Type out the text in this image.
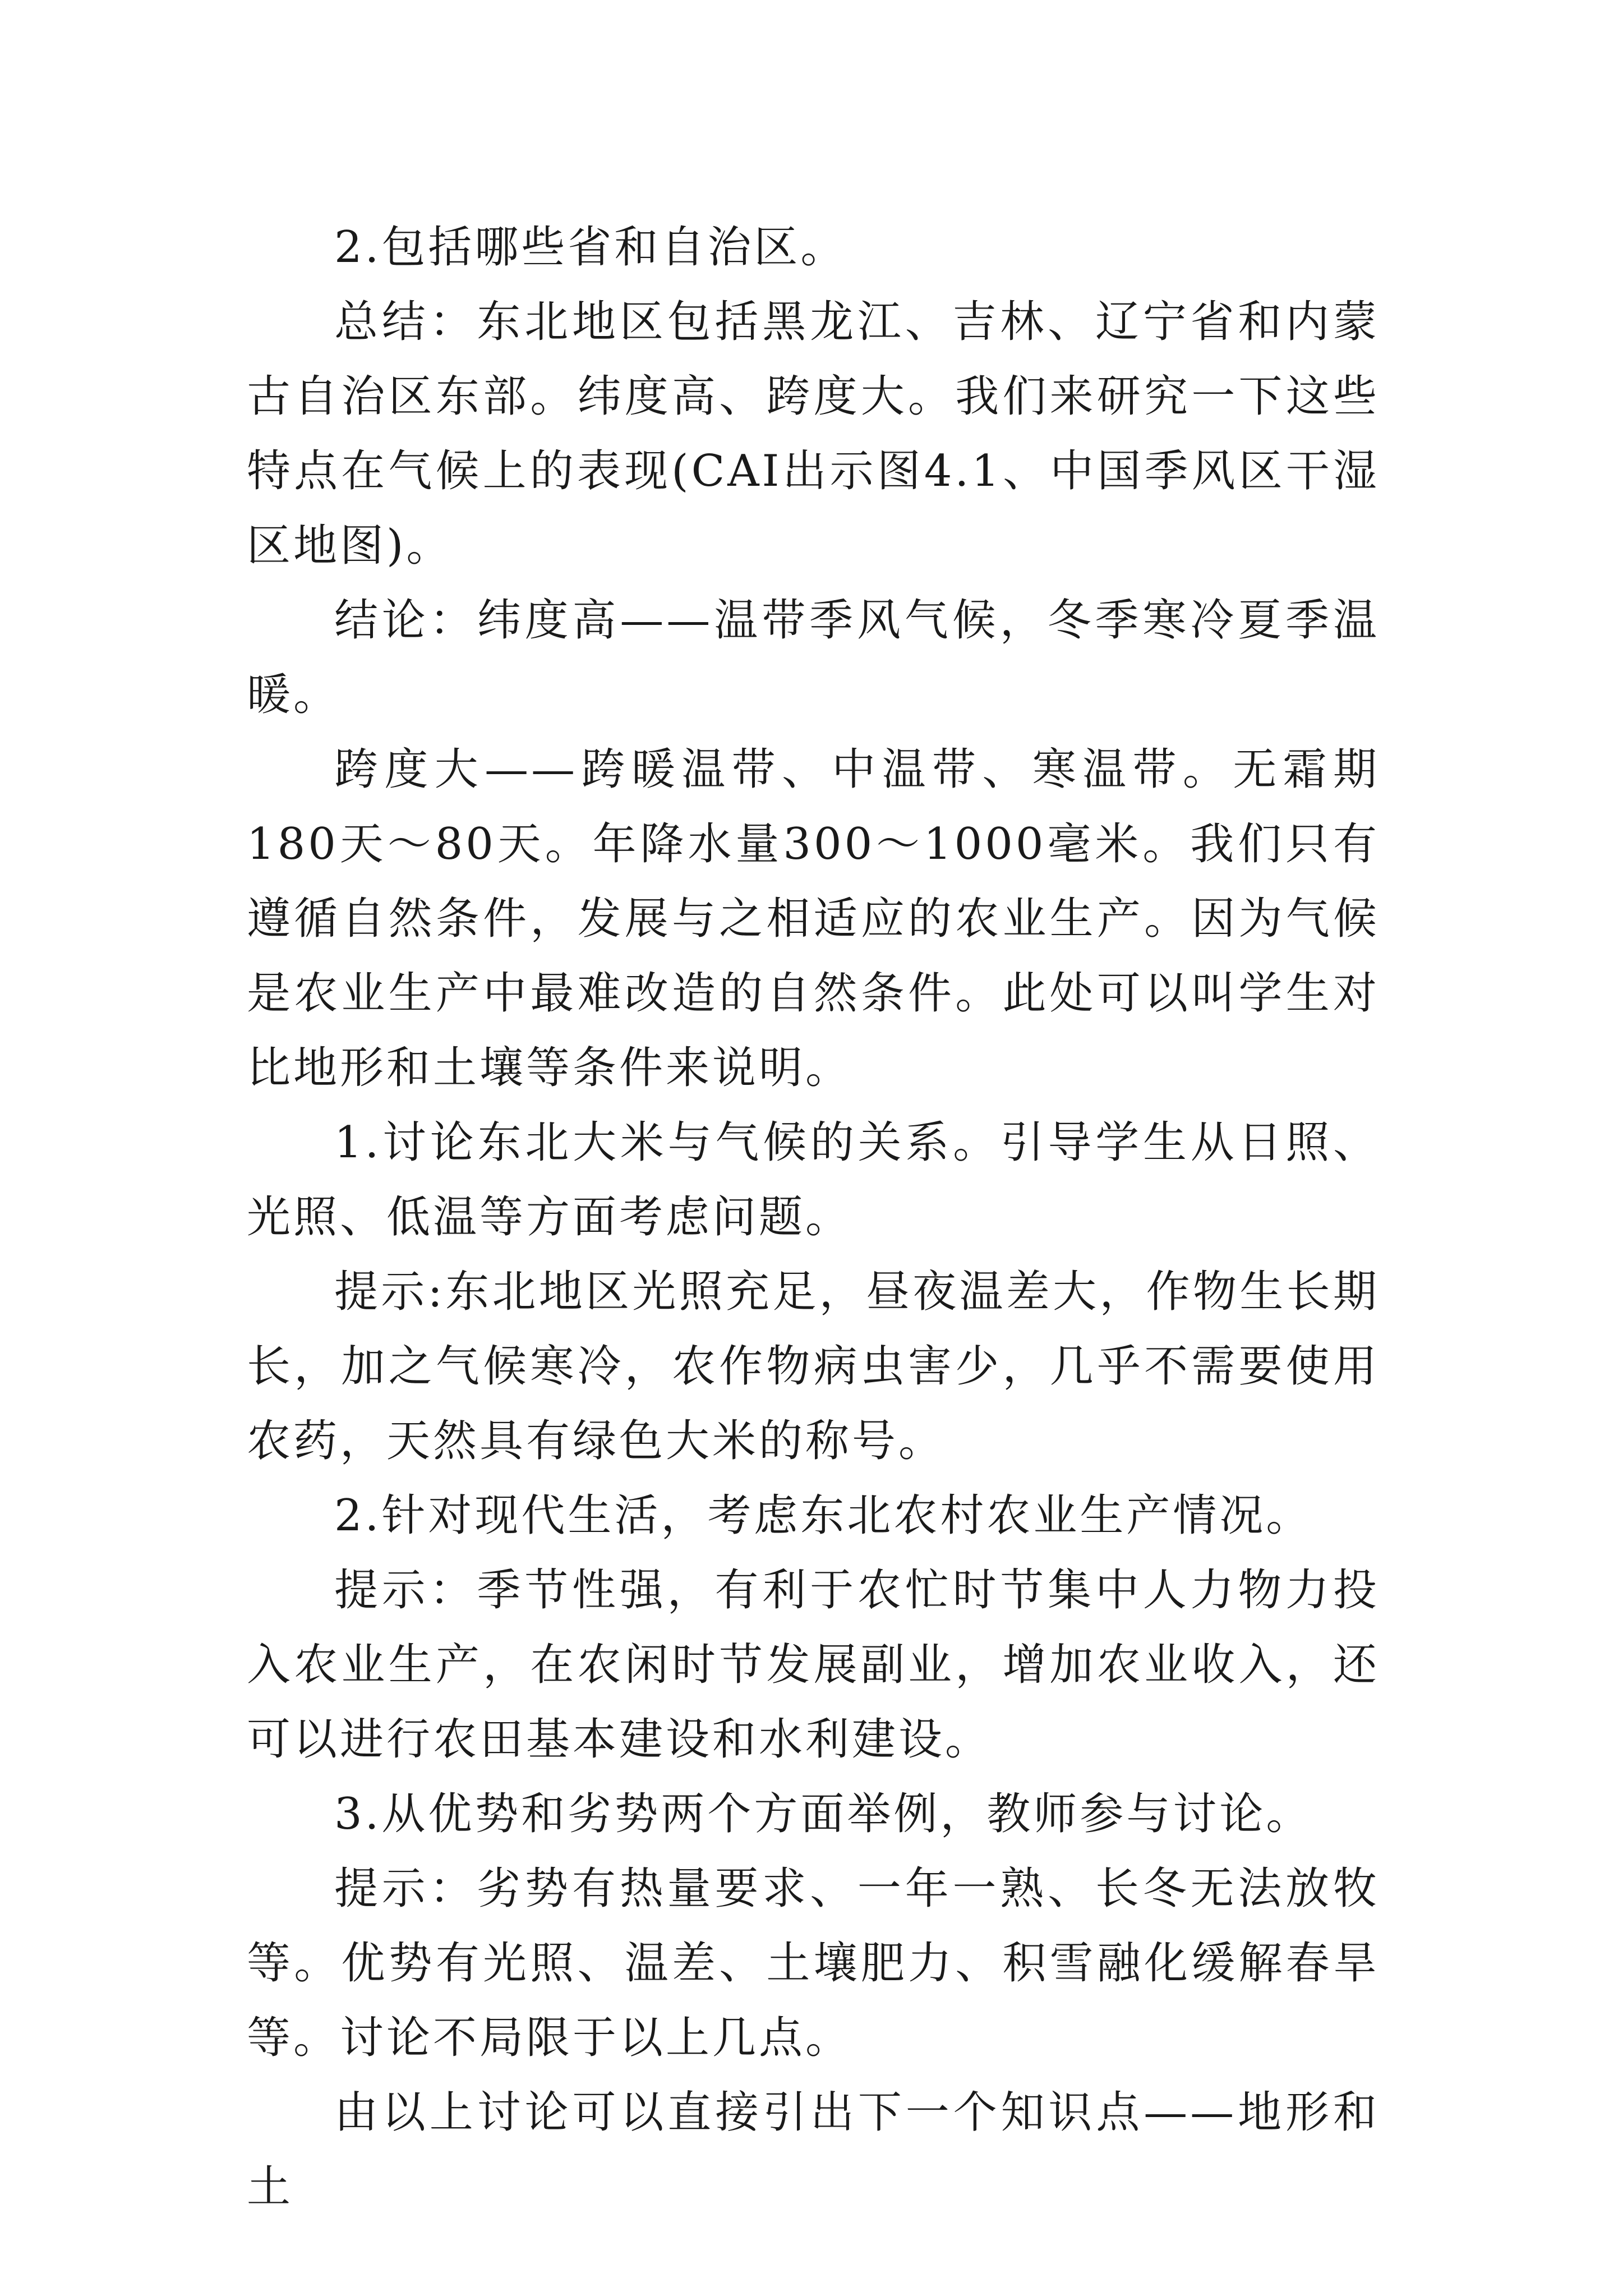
2.包括哪些省和自治区。

总结：东北地区包括黑龙江、吉林、辽宁省和内蒙古自治区东部。纬度高、跨度大。我们来研究一下这些特点在气候上的表现(CAI出示图4.1、中国季风区干湿区地图)。

结论：纬度高——温带季风气候，冬季寒冷夏季温暖。

跨度大——跨暖温带、中温带、寒温带。无霜期180天～80天。年降水量300～1000毫米。我们只有遵循自然条件，发展与之相适应的农业生产。因为气候是农业生产中最难改造的自然条件。此处可以叫学生对比地形和土壤等条件来说明。

1.讨论东北大米与气候的关系。引导学生从日照、光照、低温等方面考虑问题。

提示:东北地区光照充足，昼夜温差大，作物生长期长，加之气候寒冷，农作物病虫害少，几乎不需要使用农药，天然具有绿色大米的称号。

2.针对现代生活，考虑东北农村农业生产情况。

提示：季节性强，有利于农忙时节集中人力物力投入农业生产，在农闲时节发展副业，增加农业收入，还可以进行农田基本建设和水利建设。

3.从优势和劣势两个方面举例，教师参与讨论。

提示：劣势有热量要求、一年一熟、长冬无法放牧等。优势有光照、温差、土壤肥力、积雪融化缓解春旱等。讨论不局限于以上几点。

由以上讨论可以直接引出下一个知识点——地形和土
